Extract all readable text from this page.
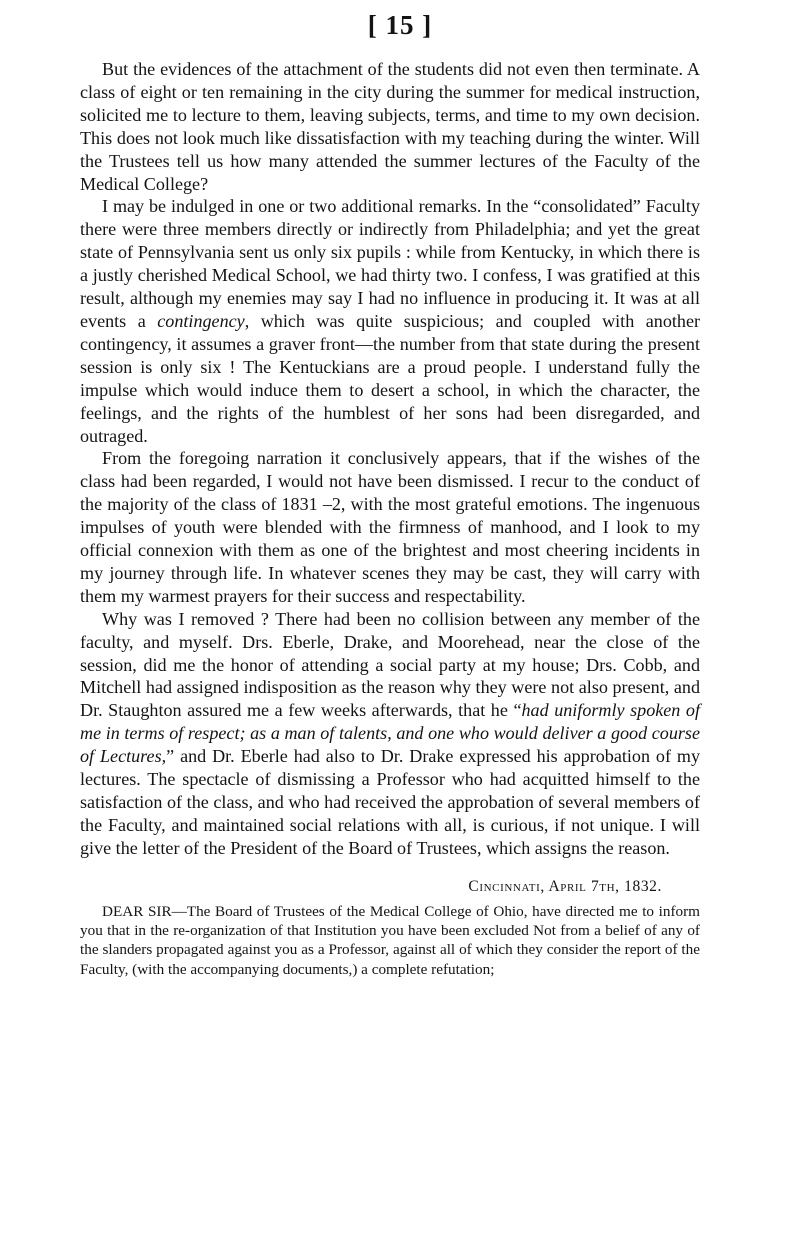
[ 15 ]

But the evidences of the attachment of the students did not even then terminate. A class of eight or ten remaining in the city during the summer for medical instruction, solicited me to lecture to them, leaving subjects, terms, and time to my own decision. This does not look much like dissatisfaction with my teaching during the winter. Will the Trustees tell us how many attended the summer lectures of the Faculty of the Medical College?

I may be indulged in one or two additional remarks. In the “consolidated” Faculty there were three members directly or indirectly from Philadelphia; and yet the great state of Pennsylvania sent us only six pupils : while from Kentucky, in which there is a justly cherished Medical School, we had thirty two. I confess, I was gratified at this result, although my enemies may say I had no influence in producing it. It was at all events a contingency, which was quite suspicious; and coupled with another contingency, it assumes a graver front—the number from that state during the present session is only six ! The Kentuckians are a proud people. I understand fully the impulse which would induce them to desert a school, in which the character, the feelings, and the rights of the humblest of her sons had been disregarded, and outraged.

From the foregoing narration it conclusively appears, that if the wishes of the class had been regarded, I would not have been dismissed. I recur to the conduct of the majority of the class of 1831 –2, with the most grateful emotions. The ingenuous impulses of youth were blended with the firmness of manhood, and I look to my official connexion with them as one of the brightest and most cheering incidents in my journey through life. In whatever scenes they may be cast, they will carry with them my warmest prayers for their success and respectability.

Why was I removed ? There had been no collision between any member of the faculty, and myself. Drs. Eberle, Drake, and Moorehead, near the close of the session, did me the honor of attending a social party at my house; Drs. Cobb, and Mitchell had assigned indisposition as the reason why they were not also present, and Dr. Staughton assured me a few weeks afterwards, that he “had uniformly spoken of me in terms of respect; as a man of talents, and one who would deliver a good course of Lectures,” and Dr. Eberle had also to Dr. Drake expressed his approbation of my lectures. The spectacle of dismissing a Professor who had acquitted himself to the satisfaction of the class, and who had received the approbation of several members of the Faculty, and maintained social relations with all, is curious, if not unique. I will give the letter of the President of the Board of Trustees, which assigns the reason.

Cincinnati, April 7th, 1832.

DEAR SIR—The Board of Trustees of the Medical College of Ohio, have directed me to inform you that in the re-organization of that Institution you have been excluded Not from a belief of any of the slanders propagated against you as a Professor, against all of which they consider the report of the Faculty, (with the accompanying documents,) a complete refutation;
